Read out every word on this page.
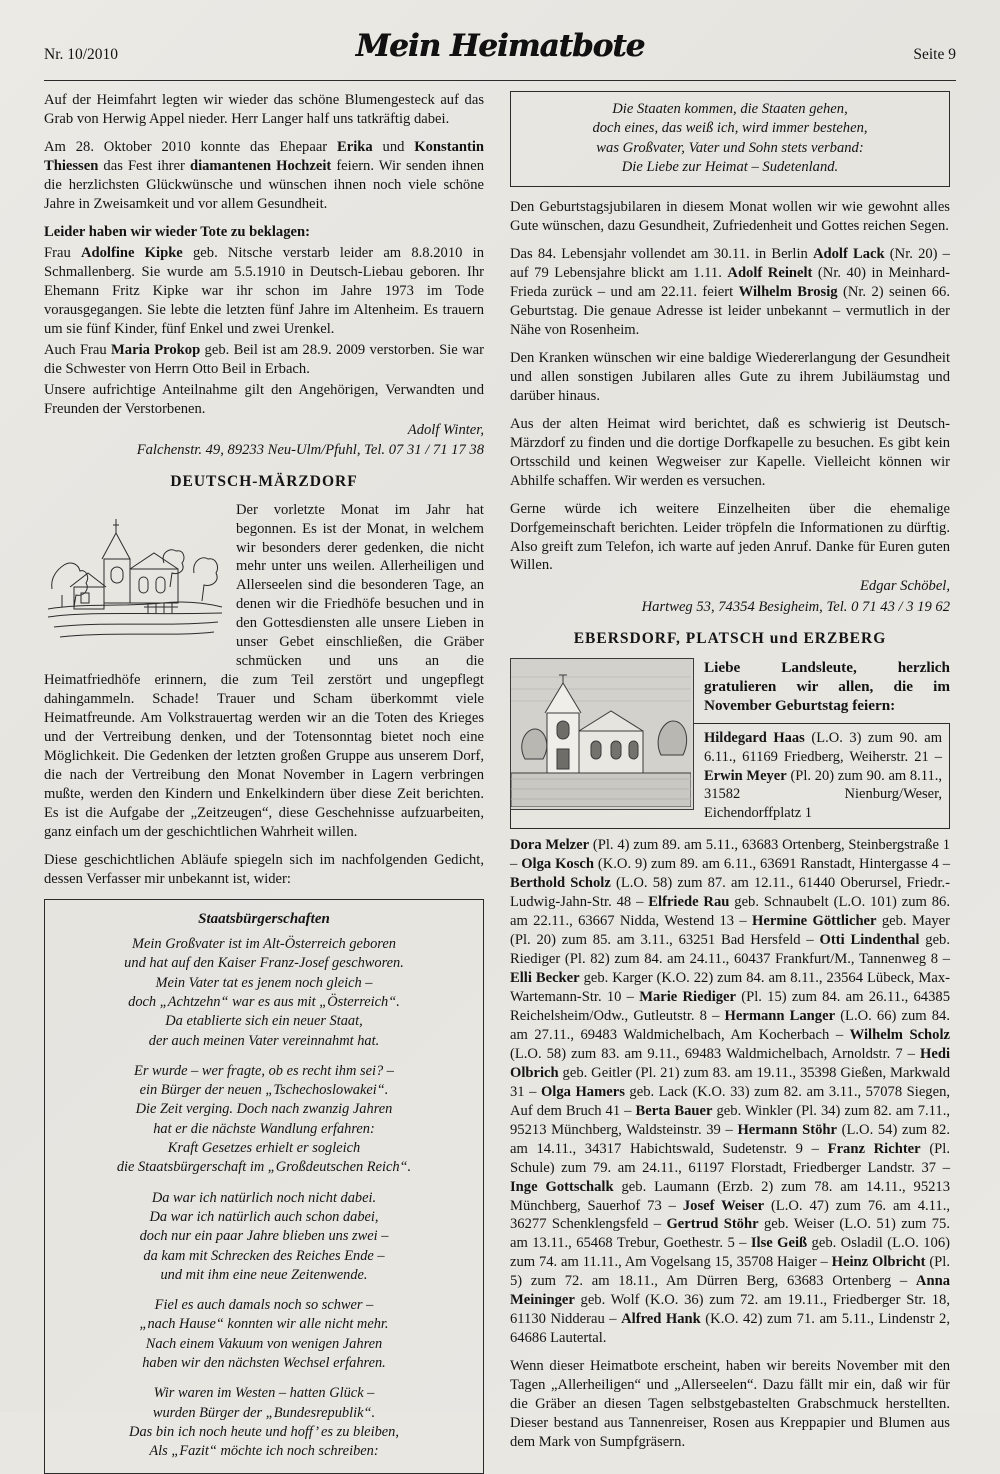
Nr. 10/2010	Mein Heimatbote	Seite 9

Auf der Heimfahrt legten wir wieder das schöne Blumengesteck auf das Grab von Herwig Appel nieder. Herr Langer half uns tatkräftig dabei.

Am 28. Oktober 2010 konnte das Ehepaar Erika und Konstantin Thiessen das Fest ihrer diamantenen Hochzeit feiern. Wir senden ihnen die herzlichsten Glückwünsche und wünschen ihnen noch viele schöne Jahre in Zweisamkeit und vor allem Gesundheit.

Leider haben wir wieder Tote zu beklagen:

Frau Adolfine Kipke geb. Nitsche verstarb leider am 8.8.2010 in Schmallenberg. Sie wurde am 5.5.1910 in Deutsch-Liebau geboren. Ihr Ehemann Fritz Kipke war ihr schon im Jahre 1973 im Tode vorausgegangen. Sie lebte die letzten fünf Jahre im Altenheim. Es trauern um sie fünf Kinder, fünf Enkel und zwei Urenkel.

Auch Frau Maria Prokop geb. Beil ist am 28.9. 2009 verstorben. Sie war die Schwester von Herrn Otto Beil in Erbach.

Unsere aufrichtige Anteilnahme gilt den Angehörigen, Verwandten und Freunden der Verstorbenen.

Adolf Winter,

Falchenstr. 49, 89233 Neu-Ulm/Pfuhl, Tel. 07 31 / 71 17 38

DEUTSCH-MÄRZDORF

Der vorletzte Monat im Jahr hat begonnen. Es ist der Monat, in welchem wir besonders derer gedenken, die nicht mehr unter uns weilen. Allerheiligen und Allerseelen sind die besonderen Tage, an denen wir die Friedhöfe besuchen und in den Gottesdiensten alle unsere Lieben in unser Gebet einschließen, die Gräber schmücken und uns an die Heimatfriedhöfe erinnern, die zum Teil zerstört und ungepflegt dahingammeln. Schade! Trauer und Scham überkommt viele Heimatfreunde. Am Volkstrauertag werden wir an die Toten des Krieges und der Vertreibung denken, und der Totensonntag bietet noch eine Möglichkeit. Die Gedenken der letzten großen Gruppe aus unserem Dorf, die nach der Vertreibung den Monat November in Lagern verbringen mußte, werden den Kindern und Enkelkindern über diese Zeit berichten. Es ist die Aufgabe der „Zeitzeugen“, diese Geschehnisse aufzuarbeiten, ganz einfach um der geschichtlichen Wahrheit willen.

Diese geschichtlichen Abläufe spiegeln sich im nachfolgenden Gedicht, dessen Verfasser mir unbekannt ist, wider:

Staatsbürgerschaften
Mein Großvater ist im Alt-Österreich geboren
und hat auf den Kaiser Franz-Josef geschworen.
Mein Vater tat es jenem noch gleich –
doch „Achtzehn“ war es aus mit „Österreich“.
Da etablierte sich ein neuer Staat,
der auch meinen Vater vereinnahmt hat.
Er wurde – wer fragte, ob es recht ihm sei? –
ein Bürger der neuen „Tschechoslowakei“.
Die Zeit verging. Doch nach zwanzig Jahren
hat er die nächste Wandlung erfahren:
Kraft Gesetzes erhielt er sogleich
die Staatsbürgerschaft im „Großdeutschen Reich“.
Da war ich natürlich noch nicht dabei.
Da war ich natürlich auch schon dabei,
doch nur ein paar Jahre blieben uns zwei –
da kam mit Schrecken des Reiches Ende –
und mit ihm eine neue Zeitenwende.
Fiel es auch damals noch so schwer –
„nach Hause“ konnten wir alle nicht mehr.
Nach einem Vakuum von wenigen Jahren
haben wir den nächsten Wechsel erfahren.
Wir waren im Westen – hatten Glück –
wurden Bürger der „Bundesrepublik“.
Das bin ich noch heute und hoff’ es zu bleiben,
Als „Fazit“ möchte ich noch schreiben:
Die Staaten kommen, die Staaten gehen,
doch eines, das weiß ich, wird immer bestehen,
was Großvater, Vater und Sohn stets verband:
Die Liebe zur Heimat – Sudetenland.

Den Geburtstagsjubilaren in diesem Monat wollen wir wie gewohnt alles Gute wünschen, dazu Gesundheit, Zufriedenheit und Gottes reichen Segen.

Das 84. Lebensjahr vollendet am 30.11. in Berlin Adolf Lack (Nr. 20) – auf 79 Lebensjahre blickt am 1.11. Adolf Reinelt (Nr. 40) in Meinhard-Frieda zurück – und am 22.11. feiert Wilhelm Brosig (Nr. 2) seinen 66. Geburtstag. Die genaue Adresse ist leider unbekannt – vermutlich in der Nähe von Rosenheim.

Den Kranken wünschen wir eine baldige Wiedererlangung der Gesundheit und allen sonstigen Jubilaren alles Gute zu ihrem Jubiläumstag und darüber hinaus.

Aus der alten Heimat wird berichtet, daß es schwierig ist Deutsch-Märzdorf zu finden und die dortige Dorfkapelle zu besuchen. Es gibt kein Ortsschild und keinen Wegweiser zur Kapelle. Vielleicht können wir Abhilfe schaffen. Wir werden es versuchen.

Gerne würde ich weitere Einzelheiten über die ehemalige Dorfgemeinschaft berichten. Leider tröpfeln die Informationen zu dürftig. Also greift zum Telefon, ich warte auf jeden Anruf. Danke für Euren guten Willen.

Edgar Schöbel,

Hartweg 53, 74354 Besigheim, Tel. 0 71 43 / 3 19 62

EBERSDORF, PLATSCH und ERZBERG
Liebe Landsleute, herzlich gratulieren wir allen, die im November Geburtstag feiern:
Hildegard Haas (L.O. 3) zum 90. am 6.11., 61169 Friedberg, Weiherstr. 21 – Erwin Meyer (Pl. 20) zum 90. am 8.11., 31582 Nienburg/Weser, Eichendorffplatz 1

Dora Melzer (Pl. 4) zum 89. am 5.11., 63683 Ortenberg, Steinbergstraße 1 – Olga Kosch (K.O. 9) zum 89. am 6.11., 63691 Ranstadt, Hintergasse 4 – Berthold Scholz (L.O. 58) zum 87. am 12.11., 61440 Oberursel, Friedr.-Ludwig-Jahn-Str. 48 – Elfriede Rau geb. Schnaubelt (L.O. 101) zum 86. am 22.11., 63667 Nidda, Westend 13 – Hermine Göttlicher geb. Mayer (Pl. 20) zum 85. am 3.11., 63251 Bad Hersfeld – Otti Lindenthal geb. Riediger (Pl. 82) zum 84. am 24.11., 60437 Frankfurt/M., Tannenweg 8 – Elli Becker geb. Karger (K.O. 22) zum 84. am 8.11., 23564 Lübeck, Max-Wartemann-Str. 10 – Marie Riediger (Pl. 15) zum 84. am 26.11., 64385 Reichelsheim/Odw., Gutleutstr. 8 – Hermann Langer (L.O. 66) zum 84. am 27.11., 69483 Waldmichelbach, Am Kocherbach – Wilhelm Scholz (L.O. 58) zum 83. am 9.11., 69483 Waldmichelbach, Arnoldstr. 7 – Hedi Olbrich geb. Geitler (Pl. 21) zum 83. am 19.11., 35398 Gießen, Markwald 31 – Olga Hamers geb. Lack (K.O. 33) zum 82. am 3.11., 57078 Siegen, Auf dem Bruch 41 – Berta Bauer geb. Winkler (Pl. 34) zum 82. am 7.11., 95213 Münchberg, Waldsteinstr. 39 – Hermann Stöhr (L.O. 54) zum 82. am 14.11., 34317 Habichtswald, Sudetenstr. 9 – Franz Richter (Pl. Schule) zum 79. am 24.11., 61197 Florstadt, Friedberger Landstr. 37 – Inge Gottschalk geb. Laumann (Erzb. 2) zum 78. am 14.11., 95213 Münchberg, Sauerhof 73 – Josef Weiser (L.O. 47) zum 76. am 4.11., 36277 Schenklengsfeld – Gertrud Stöhr geb. Weiser (L.O. 51) zum 75. am 13.11., 65468 Trebur, Goethestr. 5 – Ilse Geiß geb. Osladil (L.O. 106) zum 74. am 11.11., Am Vogelsang 15, 35708 Haiger – Heinz Olbricht (Pl. 5) zum 72. am 18.11., Am Dürren Berg, 63683 Ortenberg – Anna Meininger geb. Wolf (K.O. 36) zum 72. am 19.11., Friedberger Str. 18, 61130 Nidderau – Alfred Hank (K.O. 42) zum 71. am 5.11., Lindenstr 2, 64686 Lautertal.

Wenn dieser Heimatbote erscheint, haben wir bereits November mit den Tagen „Allerheiligen“ und „Allerseelen“. Dazu fällt mir ein, daß wir für die Gräber an diesen Tagen selbstgebastelten Grabschmuck herstellten. Dieser bestand aus Tannenreiser, Rosen aus Kreppapier und Blumen aus dem Mark von Sumpfgräsern.
